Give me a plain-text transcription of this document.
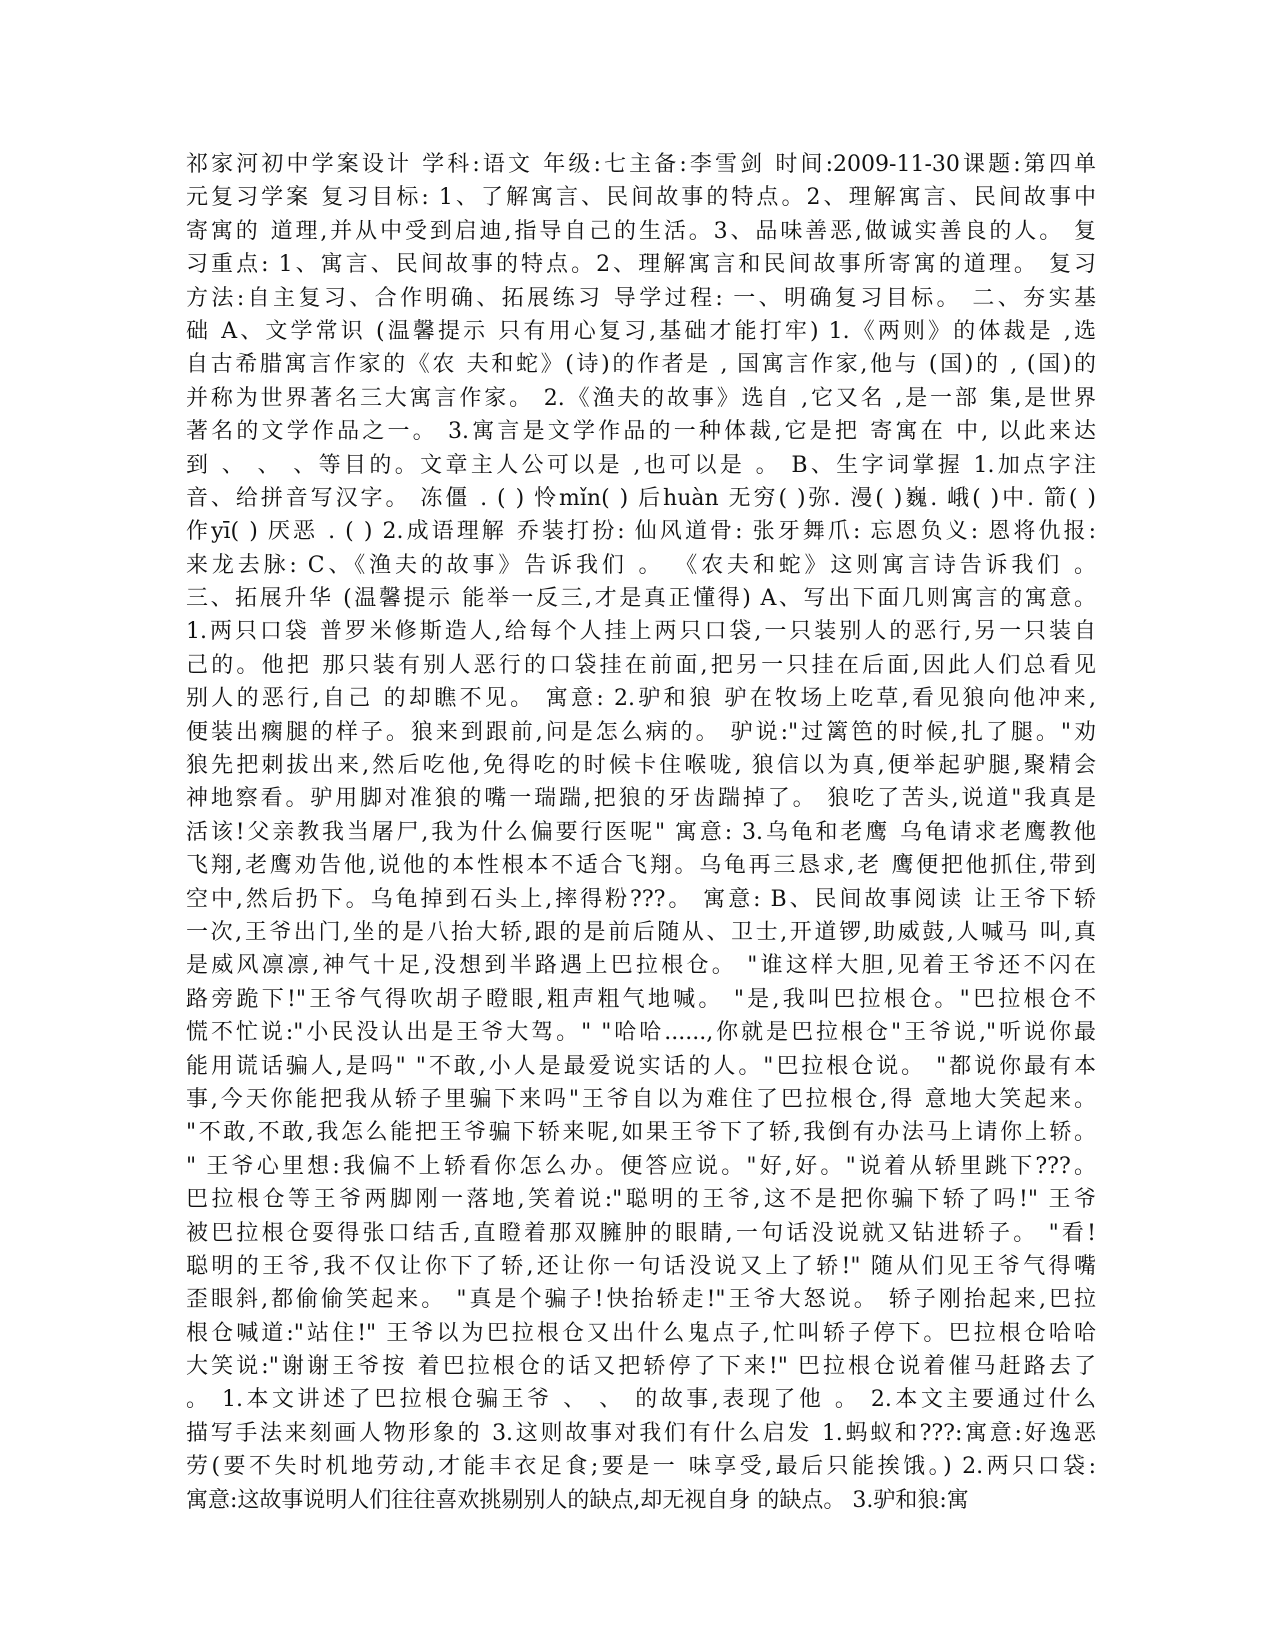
祁家河初中学案设计 学科:语文 年级:七主备:李雪剑 时间:2009-11-30课题:第四单
元复习学案 复习目标: 1、了解寓言、民间故事的特点。2、理解寓言、民间故事中
寄寓的 道理,并从中受到启迪,指导自己的生活。3、品味善恶,做诚实善良的人。 复
习重点: 1、寓言、民间故事的特点。2、理解寓言和民间故事所寄寓的道理。 复习
方法:自主复习、合作明确、拓展练习 导学过程: 一、明确复习目标。 二、夯实基
础 A、文学常识 (温馨提示 只有用心复习,基础才能打牢) 1.《两则》的体裁是 ,选
自古希腊寓言作家的《农 夫和蛇》(诗)的作者是 , 国寓言作家,他与 (国)的 , (国)的
并称为世界著名三大寓言作家。 2.《渔夫的故事》选自 ,它又名 ,是一部 集,是世界
著名的文学作品之一。 3.寓言是文学作品的一种体裁,它是把 寄寓在 中, 以此来达
到 、 、 、等目的。文章主人公可以是 ,也可以是 。 B、生字词掌握 1.加点字注
音、给拼音写汉字。 冻僵 . ( ) 怜mǐn( ) 后huàn 无穷( )弥. 漫( )巍. 峨( )中. 箭( )
作yī( ) 厌恶 . ( ) 2.成语理解 乔装打扮: 仙风道骨: 张牙舞爪: 忘恩负义: 恩将仇报:
来龙去脉: C、《渔夫的故事》告诉我们 。 《农夫和蛇》这则寓言诗告诉我们 。
三、拓展升华 (温馨提示 能举一反三,才是真正懂得) A、写出下面几则寓言的寓意。
1.两只口袋 普罗米修斯造人,给每个人挂上两只口袋,一只装别人的恶行,另一只装自
己的。他把 那只装有别人恶行的口袋挂在前面,把另一只挂在后面,因此人们总看见
别人的恶行,自己 的却瞧不见。 寓意: 2.驴和狼 驴在牧场上吃草,看见狼向他冲来,
便装出瘸腿的样子。狼来到跟前,问是怎么病的。 驴说:"过篱笆的时候,扎了腿。"劝
狼先把刺拔出来,然后吃他,免得吃的时候卡住喉咙, 狼信以为真,便举起驴腿,聚精会
神地察看。驴用脚对准狼的嘴一瑞踹,把狼的牙齿踹掉了。 狼吃了苦头,说道"我真是
活该!父亲教我当屠尸,我为什么偏要行医呢" 寓意: 3.乌龟和老鹰 乌龟请求老鹰教他
飞翔,老鹰劝告他,说他的本性根本不适合飞翔。乌龟再三恳求,老 鹰便把他抓住,带到
空中,然后扔下。乌龟掉到石头上,摔得粉???。 寓意: B、民间故事阅读 让王爷下轿
一次,王爷出门,坐的是八抬大轿,跟的是前后随从、卫士,开道锣,助威鼓,人喊马 叫,真
是威风凛凛,神气十足,没想到半路遇上巴拉根仓。 "谁这样大胆,见着王爷还不闪在
路旁跪下!"王爷气得吹胡子瞪眼,粗声粗气地喊。 "是,我叫巴拉根仓。"巴拉根仓不
慌不忙说:"小民没认出是王爷大驾。" "哈哈......,你就是巴拉根仓"王爷说,"听说你最
能用谎话骗人,是吗" "不敢,小人是最爱说实话的人。"巴拉根仓说。 "都说你最有本
事,今天你能把我从轿子里骗下来吗"王爷自以为难住了巴拉根仓,得 意地大笑起来。
"不敢,不敢,我怎么能把王爷骗下轿来呢,如果王爷下了轿,我倒有办法马上请你上轿。
" 王爷心里想:我偏不上轿看你怎么办。便答应说。"好,好。"说着从轿里跳下???。
巴拉根仓等王爷两脚刚一落地,笑着说:"聪明的王爷,这不是把你骗下轿了吗!" 王爷
被巴拉根仓耍得张口结舌,直瞪着那双臃肿的眼睛,一句话没说就又钻进轿子。 "看!
聪明的王爷,我不仅让你下了轿,还让你一句话没说又上了轿!" 随从们见王爷气得嘴
歪眼斜,都偷偷笑起来。 "真是个骗子!快抬轿走!"王爷大怒说。 轿子刚抬起来,巴拉
根仓喊道:"站住!" 王爷以为巴拉根仓又出什么鬼点子,忙叫轿子停下。巴拉根仓哈哈
大笑说:"谢谢王爷按 着巴拉根仓的话又把轿停了下来!" 巴拉根仓说着催马赶路去了
。 1.本文讲述了巴拉根仓骗王爷 、 、 的故事,表现了他 。 2.本文主要通过什么
描写手法来刻画人物形象的 3.这则故事对我们有什么启发 1.蚂蚁和???:寓意:好逸恶
劳(要不失时机地劳动,才能丰衣足食;要是一 味享受,最后只能挨饿。) 2.两只口袋:
寓意:这故事说明人们往往喜欢挑剔别人的缺点,却无视自身 的缺点。 3.驴和狼:寓
